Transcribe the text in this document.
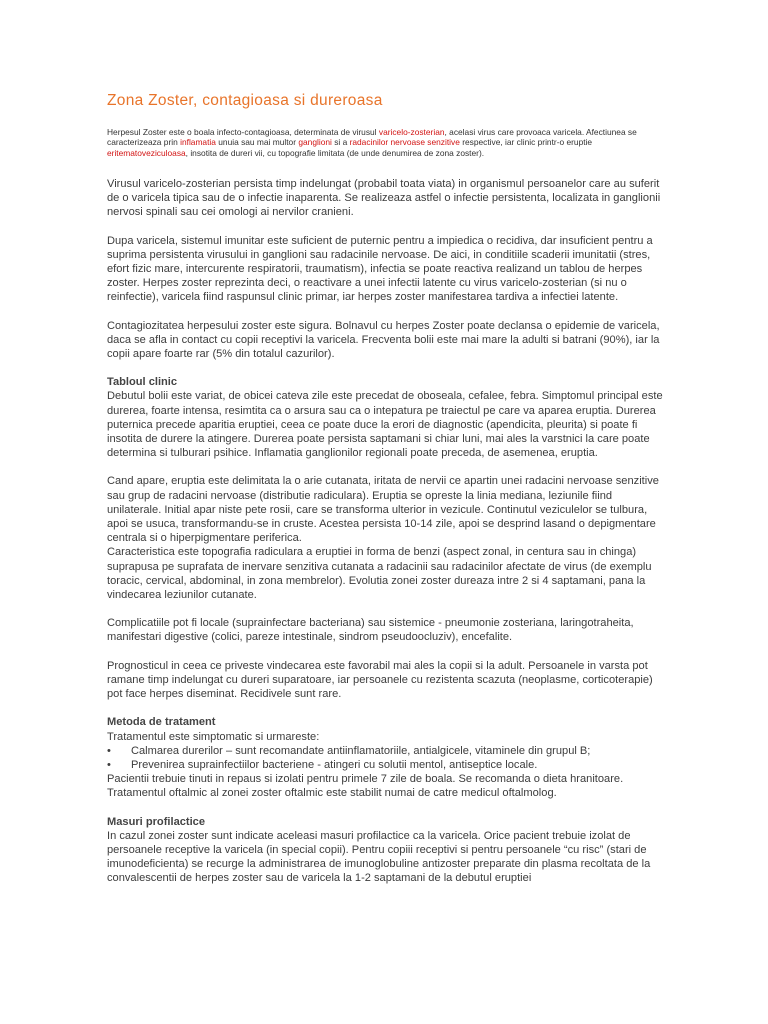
Zona Zoster, contagioasa si dureroasa
Herpesul Zoster este o boala infecto-contagioasa, determinata de virusul varicelo-zosterian, acelasi virus care provoaca varicela. Afectiunea se caracterizeaza prin inflamatia unuia sau mai multor ganglioni si a radacinilor nervoase senzitive respective, iar clinic printr-o eruptie eritematoveziculoasa, insotita de dureri vii, cu topografie limitata (de unde denumirea de zona zoster).

Virusul varicelo-zosterian persista timp indelungat (probabil toata viata) in organismul persoanelor care au suferit de o varicela tipica sau de o infectie inaparenta. Se realizeaza astfel o infectie persistenta, localizata in ganglionii nervosi spinali sau cei omologi ai nervilor cranieni.

Dupa varicela, sistemul imunitar este suficient de puternic pentru a impiedica o recidiva, dar insuficient pentru a suprima persistenta virusului in ganglioni sau radacinile nervoase. De aici, in conditiile scaderii imunitatii (stres, efort fizic mare, intercurente respiratorii, traumatism), infectia se poate reactiva realizand un tablou de herpes zoster. Herpes zoster reprezinta deci, o reactivare a unei infectii latente cu virus varicelo-zosterian (si nu o reinfectie), varicela fiind raspunsul clinic primar, iar herpes zoster manifestarea tardiva a infectiei latente.

Contagiozitatea herpesului zoster este sigura. Bolnavul cu herpes Zoster poate declansa o epidemie de varicela, daca se afla in contact cu copii receptivi la varicela. Frecventa bolii este mai mare la adulti si batrani (90%), iar la copii apare foarte rar (5% din totalul cazurilor).

Tabloul clinic

Debutul bolii este variat, de obicei cateva zile este precedat de oboseala, cefalee, febra. Simptomul principal este durerea, foarte intensa, resimtita ca o arsura sau ca o intepatura pe traiectul pe care va aparea eruptia. Durerea puternica precede aparitia eruptiei, ceea ce poate duce la erori de diagnostic (apendicita, pleurita) si poate fi insotita de durere la atingere. Durerea poate persista saptamani si chiar luni, mai ales la varstnici la care poate determina si tulburari psihice. Inflamatia ganglionilor regionali poate preceda, de asemenea, eruptia.

Cand apare, eruptia este delimitata la o arie cutanata, iritata de nervii ce apartin unei radacini nervoase senzitive sau grup de radacini nervoase (distributie radiculara). Eruptia se opreste la linia mediana, leziunile fiind unilaterale. Initial apar niste pete rosii, care se transforma ulterior in vezicule. Continutul veziculelor se tulbura, apoi se usuca, transformandu-se in cruste. Acestea persista 10-14 zile, apoi se desprind lasand o depigmentare centrala si o hiperpigmentare periferica.

Caracteristica este topografia radiculara a eruptiei in forma de benzi (aspect zonal, in centura sau in chinga) suprapusa pe suprafata de inervare senzitiva cutanata a radacinii sau radacinilor afectate de virus (de exemplu toracic, cervical, abdominal, in zona membrelor). Evolutia zonei zoster dureaza intre 2 si 4 saptamani, pana la vindecarea leziunilor cutanate.

Complicatiile pot fi locale (suprainfectare bacteriana) sau sistemice - pneumonie zosteriana, laringotraheita, manifestari digestive (colici, pareze intestinale, sindrom pseudoocluziv), encefalite.

Prognosticul in ceea ce priveste vindecarea este favorabil mai ales la copii si la adult. Persoanele in varsta pot ramane timp indelungat cu dureri suparatoare, iar persoanele cu rezistenta scazuta (neoplasme, corticoterapie) pot face herpes diseminat. Recidivele sunt rare.

Metoda de tratament

Tratamentul este simptomatic si urmareste:

•	Calmarea durerilor – sunt recomandate antiinflamatoriile, antialgicele, vitaminele din grupul B;
•	Prevenirea suprainfectiilor bacteriene - atingeri cu solutii mentol, antiseptice locale.

Pacientii trebuie tinuti in repaus si izolati pentru primele 7 zile de boala. Se recomanda o dieta hranitoare.

Tratamentul oftalmic al zonei zoster oftalmic este stabilit numai de catre medicul oftalmolog.

Masuri profilactice

In cazul zonei zoster sunt indicate aceleasi masuri profilactice ca la varicela. Orice pacient trebuie izolat de persoanele receptive la varicela (in special copii). Pentru copiii receptivi si pentru persoanele “cu risc” (stari de imunodeficienta) se recurge la administrarea de imunoglobuline antizoster preparate din plasma recoltata de la convalescentii de herpes zoster sau de varicela la 1-2 saptamani de la debutul eruptiei
